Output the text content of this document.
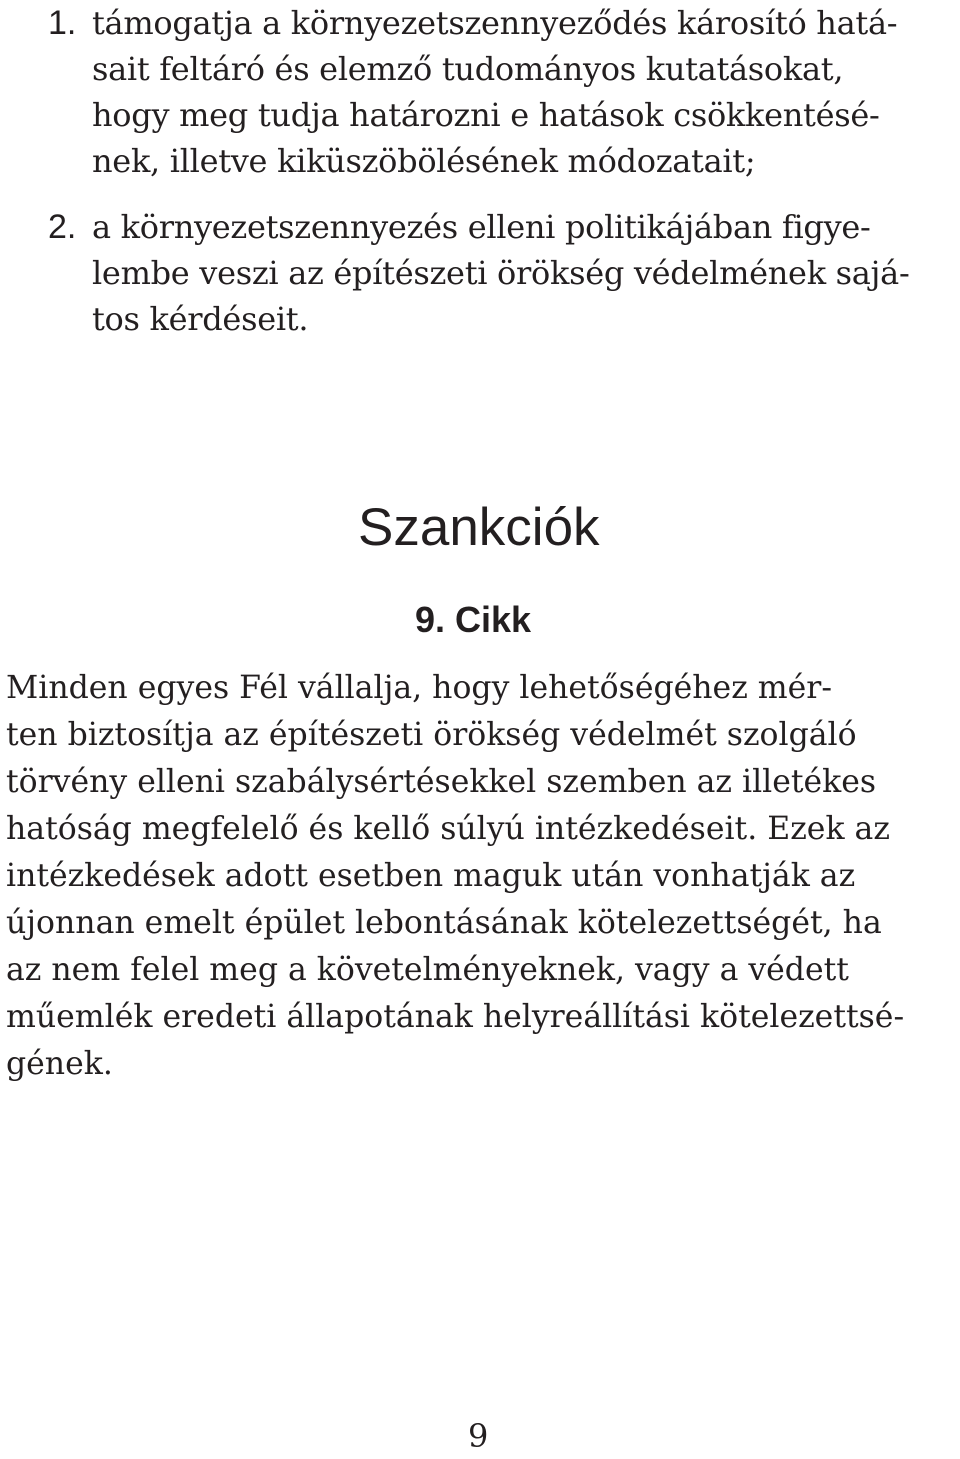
1. támogatja a környezetszennyeződés károsító hatá-
sait feltáró és elemző tudományos kutatásokat,
hogy meg tudja határozni e hatások csökkentésé-
nek, illetve kiküszöbölésének módozatait;
2. a környezetszennyezés elleni politikájában figye-
lembe veszi az építészeti örökség védelmének sajá-
tos kérdéseit.
Szankciók
9. Cikk
Minden egyes Fél vállalja, hogy lehetőségéhez mér-
ten biztosítja az építészeti örökség védelmét szolgáló
törvény elleni szabálysértésekkel szemben az illetékes
hatóság megfelelő és kellő súlyú intézkedéseit. Ezek az
intézkedések adott esetben maguk után vonhatják az
újonnan emelt épület lebontásának kötelezettségét, ha
az nem felel meg a követelményeknek, vagy a védett
műemlék eredeti állapotának helyreállítási kötelezettsé-
gének.
9
